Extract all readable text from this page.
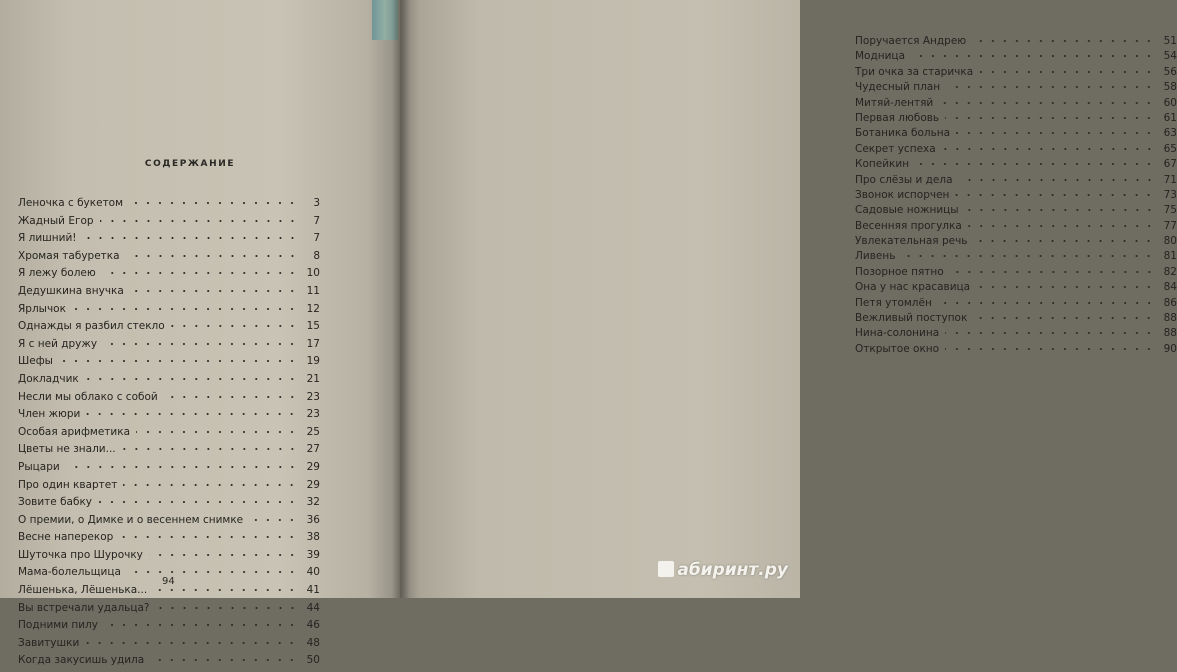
СОДЕРЖАНИЕ
Леночка с букетом	3
Жадный Егор	7
Я лишний!	7
Хромая табуретка	8
Я лежу болею	10
Дедушкина внучка	11
Ярлычок	12
Однажды я разбил стекло	15
Я с ней дружу	17
Шефы	19
Докладчик	21
Несли мы облако с собой	23
Член жюри	23
Особая арифметика	25
Цветы не знали...	27
Рыцари	29
Про один квартет	29
Зовите бабку	32
О премии, о Димке и о весеннем снимке	36
Весне наперекор	38
Шуточка про Шурочку	39
Мама-болельщица	40
Лёшенька, Лёшенька...	41
Вы встречали удальца?	44
Подними пилу	46
Завитушки	48
Когда закусишь удила	50
94
Поручается Андрею	51
Модница	54
Три очка за старичка	56
Чудесный план	58
Митяй-лентяй	60
Первая любовь	61
Ботаника больна	63
Секрет успеха	65
Копейкин	67
Про слёзы и дела	71
Звонок испорчен	73
Садовые ножницы	75
Весенняя прогулка	77
Увлекательная речь	80
Ливень	81
Позорное пятно	82
Она у нас красавица	84
Петя утомлён	86
Вежливый поступок	88
Нина-солонина	88
Открытое окно	90
абиринт.ру
